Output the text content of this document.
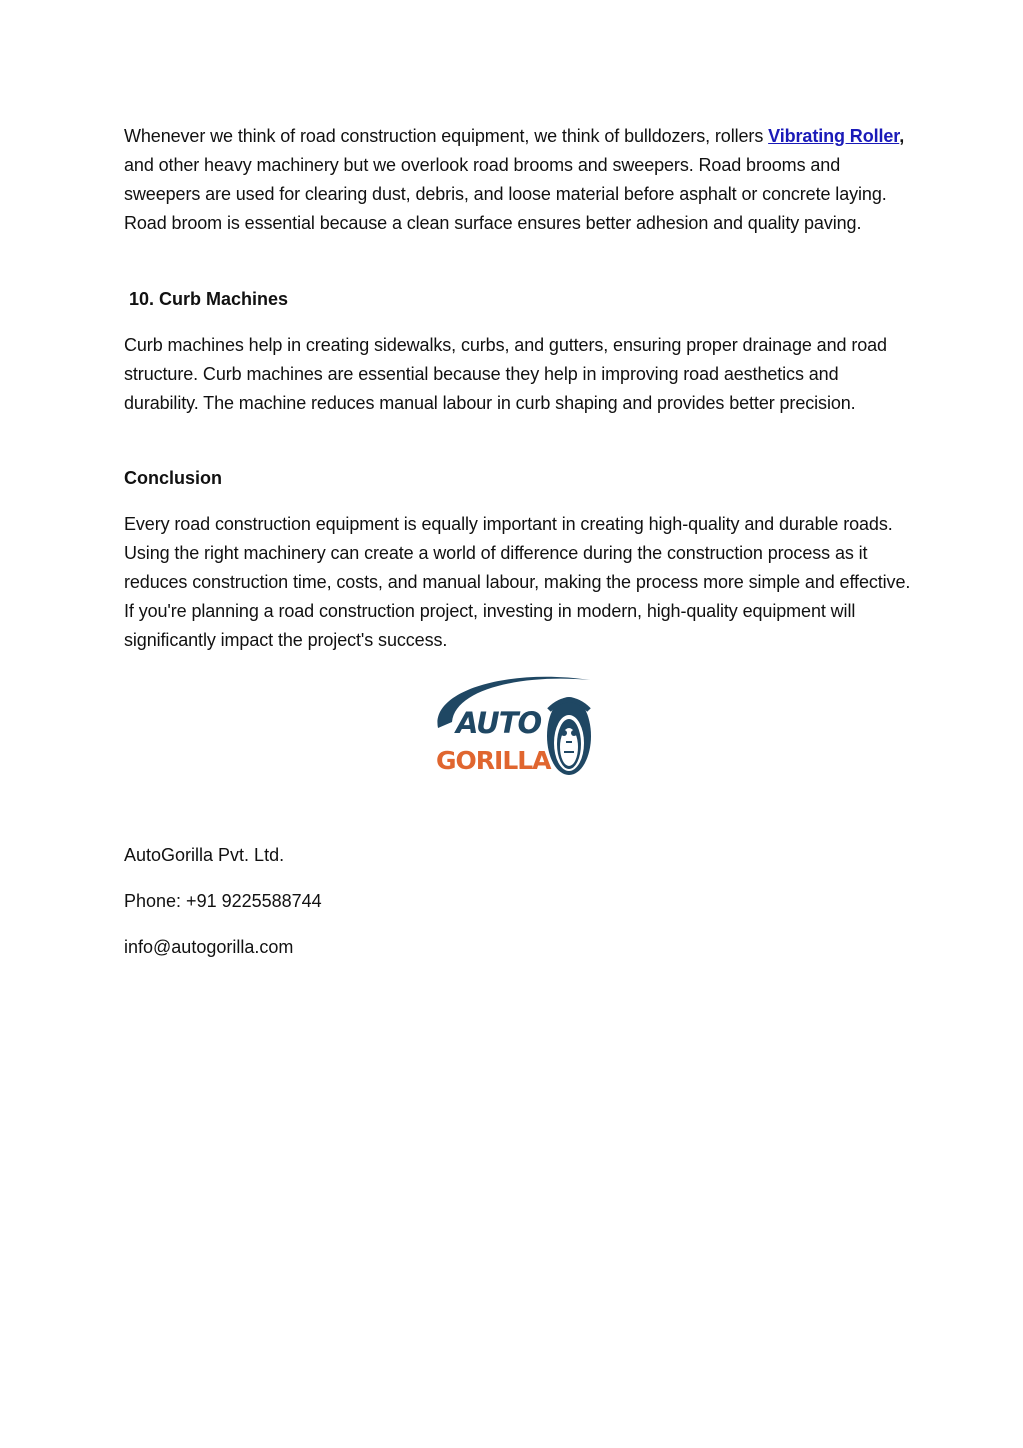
Whenever we think of road construction equipment, we think of bulldozers, rollers Vibrating Roller, and other heavy machinery but we overlook road brooms and sweepers. Road brooms and sweepers are used for clearing dust, debris, and loose material before asphalt or concrete laying. Road broom is essential because a clean surface ensures better adhesion and quality paving.

10. Curb Machines

Curb machines help in creating sidewalks, curbs, and gutters, ensuring proper drainage and road structure. Curb machines are essential because they help in improving road aesthetics and durability. The machine reduces manual labour in curb shaping and provides better precision.

Conclusion

Every road construction equipment is equally important in creating high-quality and durable roads. Using the right machinery can create a world of difference during the construction process as it reduces construction time, costs, and manual labour, making the process more simple and effective. If you're planning a road construction project, investing in modern, high-quality equipment will significantly impact the project's success.

AUTO
GORILLA

AutoGorilla Pvt. Ltd.

Phone: +91 9225588744

info@autogorilla.com
